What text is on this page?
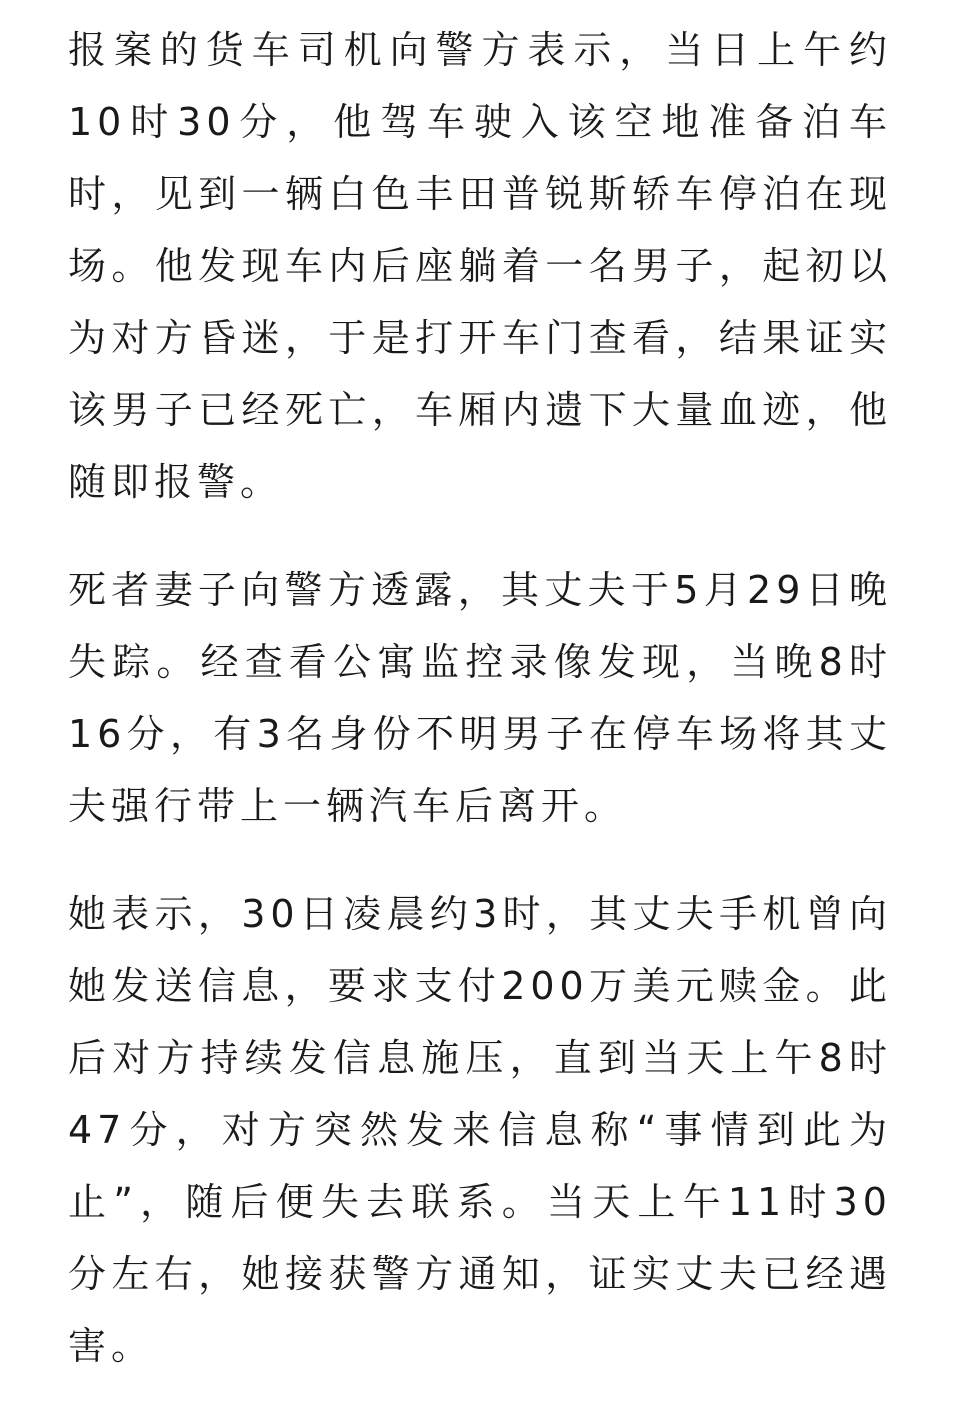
报案的货车司机向警方表示，当日上午约10时30分，他驾车驶入该空地准备泊车时，见到一辆白色丰田普锐斯轿车停泊在现场。他发现车内后座躺着一名男子，起初以为对方昏迷，于是打开车门查看，结果证实该男子已经死亡，车厢内遗下大量血迹，他随即报警。

死者妻子向警方透露，其丈夫于5月29日晚失踪。经查看公寓监控录像发现，当晚8时16分，有3名身份不明男子在停车场将其丈夫强行带上一辆汽车后离开。

她表示，30日凌晨约3时，其丈夫手机曾向她发送信息，要求支付200万美元赎金。此后对方持续发信息施压，直到当天上午8时47分，对方突然发来信息称“事情到此为止”，随后便失去联系。当天上午11时30分左右，她接获警方通知，证实丈夫已经遇害。
